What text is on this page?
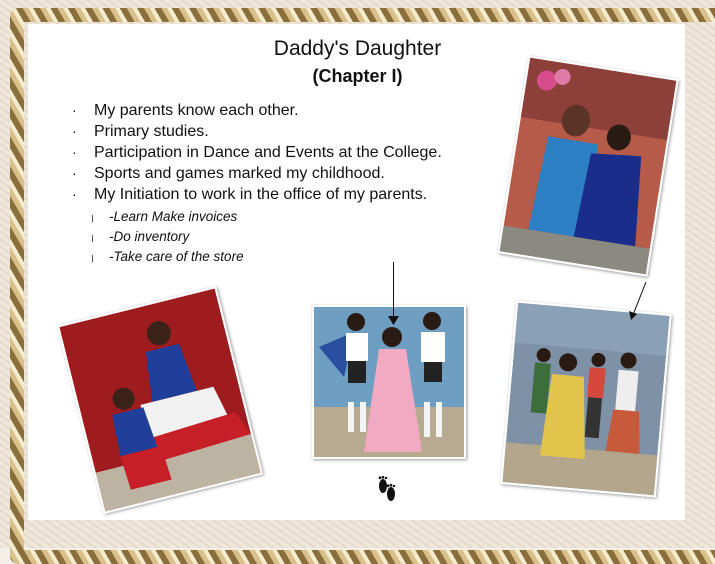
Daddy's Daughter
(Chapter I)
· My parents know each other.
· Primary studies.
· Participation in Dance and Events at the College.
· Sports and games marked my childhood.
· My Initiation to work in the office of my parents.
-Learn Make invoices
-Do inventory
-Take care of the store
